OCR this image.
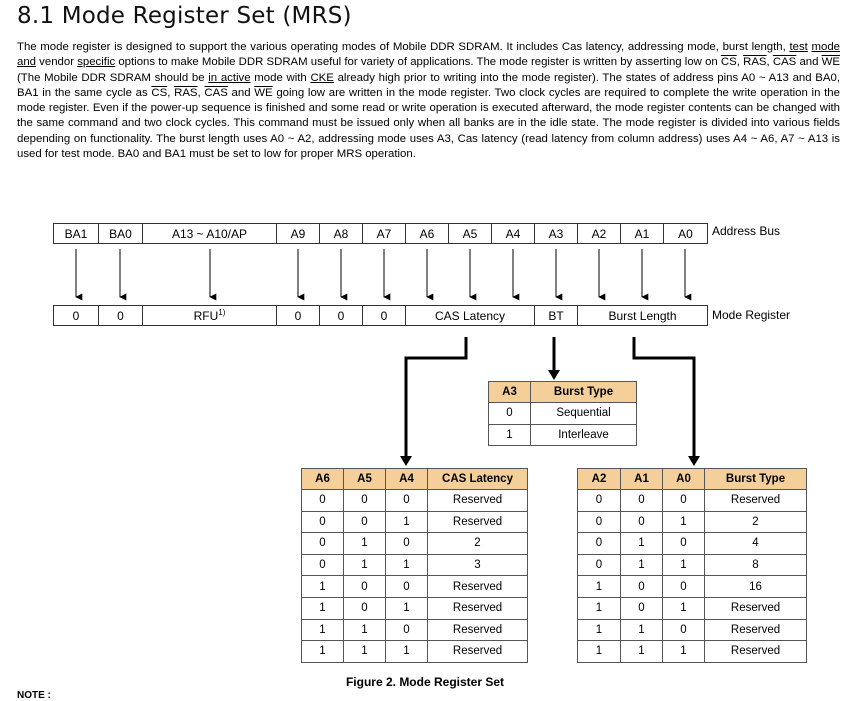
8.1 Mode Register Set (MRS)

The mode register is designed to support the various operating modes of Mobile DDR SDRAM. It includes Cas latency, addressing mode, burst length, test mode and vendor specific options to make Mobile DDR SDRAM useful for variety of applications. The mode register is written by asserting low on $\overline{CS}$, $\overline{RAS}$, $\overline{CAS}$ and $\overline{WE}$ (The Mobile DDR SDRAM should be in active mode with CKE already high prior to writing into the mode register). The states of address pins A0 ~ A13 and BA0, BA1 in the same cycle as $\overline{CS}$, $\overline{RAS}$, $\overline{CAS}$ and $\overline{WE}$ going low are written in the mode register. Two clock cycles are required to complete the write operation in the mode register. Even if the power-up sequence is finished and some read or write operation is executed afterward, the mode register contents can be changed with the same command and two clock cycles. This command must be issued only when all banks are in the idle state. The mode register is divided into various fields depending on functionality. The burst length uses A0 ~ A2, addressing mode uses A3, Cas latency (read latency from column address) uses A4 ~ A6, A7 ~ A13 is used for test mode. BA0 and BA1 must be set to low for proper MRS operation.

BA1	BA0	A13 ~ A10/AP	A9	A8	A7	A6	A5	A4	A3	A2	A1	A0 Address Bus
0	0	RFU$^{1)}$	0	0	0	CAS Latency	BT	Burst Length	Mode Register
A3	Burst Type
0	Sequential
1	Interleave
A6	A5	A4	CAS Latency
0	0	0	Reserved
0	0	1	Reserved
0	1	0	2
0	1	1	3
1	0	0	Reserved
1	0	1	Reserved
1	1	0	Reserved
1	1	1	Reserved
A2	A1	A0	Burst Type
0	0	0	Reserved
0	0	1	2
0	1	0	4
0	1	1	8
1	0	0	16
1	0	1	Reserved
1	1	0	Reserved
1	1	1	Reserved
Figure 2. Mode Register Set
NOTE :
